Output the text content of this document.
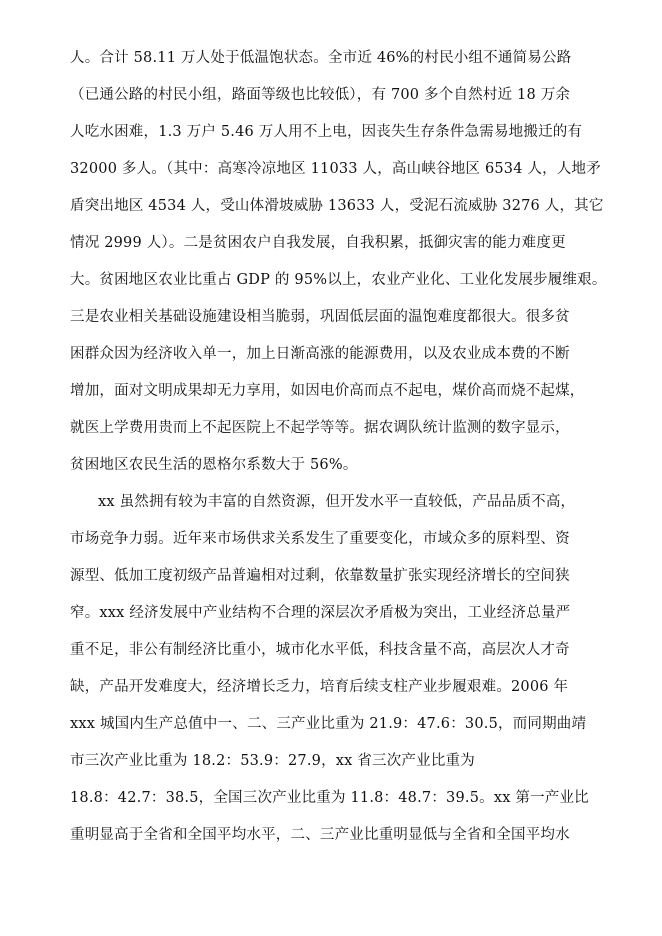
人。合计 58.11 万人处于低温饱状态。全市近 46%的村民小组不通简易公路
（已通公路的村民小组，路面等级也比较低），有 700 多个自然村近 18 万余
人吃水困难，1.3 万户 5.46 万人用不上电，因丧失生存条件急需易地搬迁的有
32000 多人。（其中：高寒冷凉地区 11033 人，高山峡谷地区 6534 人，人地矛
盾突出地区 4534 人，受山体滑坡威胁 13633 人，受泥石流威胁 3276 人，其它
情况 2999 人）。二是贫困农户自我发展，自我积累，抵御灾害的能力难度更
大。贫困地区农业比重占 GDP 的 95%以上，农业产业化、工业化发展步履维艰。
三是农业相关基础设施建设相当脆弱，巩固低层面的温饱难度都很大。很多贫
困群众因为经济收入单一，加上日渐高涨的能源费用，以及农业成本费的不断
增加，面对文明成果却无力享用，如因电价高而点不起电，煤价高而烧不起煤，
就医上学费用贵而上不起医院上不起学等等。据农调队统计监测的数字显示，
贫困地区农民生活的恩格尔系数大于 56%。
xx 虽然拥有较为丰富的自然资源，但开发水平一直较低，产品品质不高，
市场竞争力弱。近年来市场供求关系发生了重要变化，市域众多的原料型、资
源型、低加工度初级产品普遍相对过剩，依靠数量扩张实现经济增长的空间狭
窄。xxx 经济发展中产业结构不合理的深层次矛盾极为突出，工业经济总量严
重不足，非公有制经济比重小，城市化水平低，科技含量不高，高层次人才奇
缺，产品开发难度大，经济增长乏力，培育后续支柱产业步履艰难。2006 年
xxx 城国内生产总值中一、二、三产业比重为 21.9：47.6：30.5，而同期曲靖
市三次产业比重为 18.2：53.9：27.9，xx 省三次产业比重为
18.8：42.7：38.5，全国三次产业比重为 11.8：48.7：39.5。xx 第一产业比
重明显高于全省和全国平均水平，二、三产业比重明显低与全省和全国平均水
